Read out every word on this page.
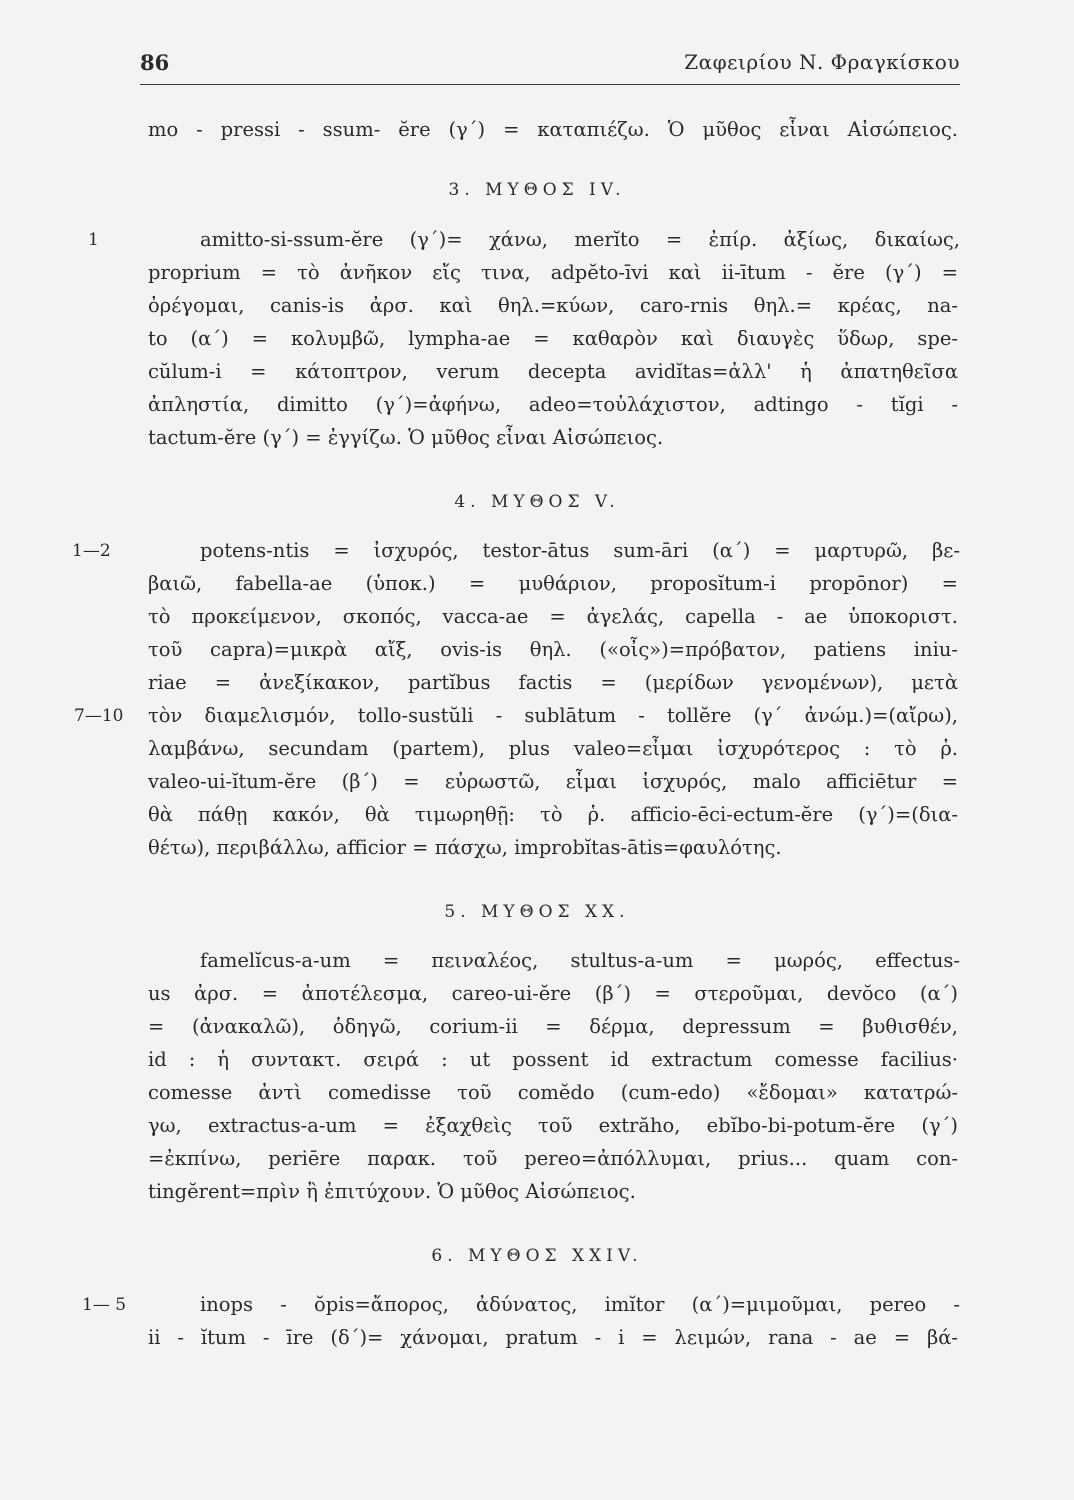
86	Ζαφειρίου Ν. Φραγκίσκου
mo - pressi - ssum- ĕre (γ΄) = καταπιέζω. Ὁ μῦθος εἶναι Αἰσώπειος.
3. ΜΥΘΟΣ IV.
1	amitto-si-ssum-ĕre (γ΄)= χάνω, merĭto = ἐπίρ. ἀξίως, δικαίως,
proprium = τὸ ἀνῆκον εἴς τινα, adpĕto-īvi καὶ ii-ītum - ĕre (γ΄) =
ὀρέγομαι, canis-is ἀρσ. καὶ θηλ.=κύων, caro-rnis θηλ.= κρέας, na-
to (α΄) = κολυμβῶ, lympha-ae = καθαρὸν καὶ διαυγὲς ὕδωρ, spe-
cŭlum-i = κάτοπτρον, verum decepta avidĭtas=ἀλλ' ἡ ἀπατηθεῖσα
ἀπληστία, dimitto (γ΄)=ἀφήνω, adeo=τοὐλάχιστον, adtingo - tĭgi -
tactum-ĕre (γ΄) = ἐγγίζω. Ὁ μῦθος εἶναι Αἰσώπειος.
4. ΜΥΘΟΣ V.
1—2	potens-ntis = ἰσχυρός, testor-ātus sum-āri (α΄) = μαρτυρῶ, βε-
βαιῶ, fabella-ae (ὑποκ.) = μυθάριον, proposĭtum-i propōnor) =
τὸ προκείμενον, σκοπός, vacca-ae = ἀγελάς, capella - ae ὑποκοριστ.
τοῦ capra)=μικρὰ αἴξ, ovis-is θηλ. («οἶς»)=πρόβατον, patiens iniu-
riae = ἀνεξίκακον, partĭbus factis = (μερίδων γενομένων), μετὰ
7—10 τὸν διαμελισμόν, tollo-sustŭli - sublātum - tollĕre (γ΄ ἀνώμ.)=(αἴρω),
λαμβάνω, secundam (partem), plus valeo=εἶμαι ἰσχυρότερος : τὸ ῥ.
valeo-ui-ĭtum-ĕre (β΄) = εὐρωστῶ, εἶμαι ἰσχυρός, malo afficiētur =
θὰ πάθῃ κακόν, θὰ τιμωρηθῇ: τὸ ῥ. afficio-ēci-ectum-ĕre (γ΄)=(δια-
θέτω), περιβάλλω, afficior = πάσχω, improbĭtas-ātis=φαυλότης.
5. ΜΥΘΟΣ XX.
famelĭcus-a-um = πειναλέος, stultus-a-um = μωρός, effectus-
us ἀρσ. = ἀποτέλεσμα, careo-ui-ĕre (β΄) = στεροῦμαι, devŏco (α΄)
= (ἀνακαλῶ), ὁδηγῶ, corium-ii = δέρμα, depressum = βυθισθέν,
id : ἡ συντακτ. σειρά : ut possent id extractum comesse facilius·
comesse ἀντὶ comedisse τοῦ comĕdo (cum-edo) «ἔδομαι» κατατρώ-
γω, extractus-a-um = ἐξαχθεὶς τοῦ extrăho, ebĭbo-bi-potum-ĕre (γ΄)
=ἐκπίνω, periēre παρακ. τοῦ pereo=ἀπόλλυμαι, prius... quam con-
tingĕrent=πρὶν ἢ ἐπιτύχουν. Ὁ μῦθος Αἰσώπειος.
6. ΜΥΘΟΣ XXIV.
1— 5	inops - ŏpis=ἄπορος, ἀδύνατος, imĭtor (α΄)=μιμοῦμαι, pereo -
ii - ĭtum - īre (δ΄)= χάνομαι, pratum - i = λειμών, rana - ae = βά-
